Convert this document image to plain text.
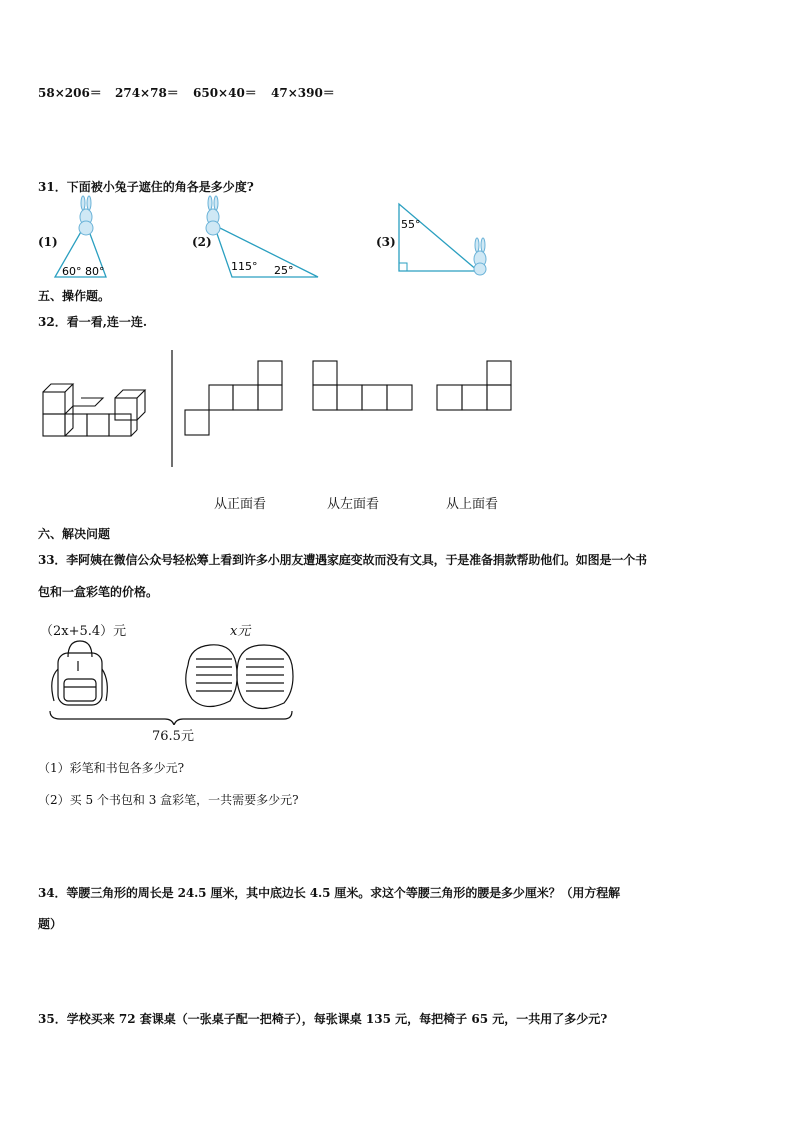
58×206＝ 274×78＝ 650×40＝ 47×390＝
31．下面被小兔子遮住的角各是多少度?
(1)	(2)	(3)
60° 80°	115° 25°
55°
五、操作题。
32．看一看,连一连.
从正面看	从左面看	从上面看
六、解决问题
33．李阿姨在微信公众号轻松筹上看到许多小朋友遭遇家庭变故而没有文具，于是准备捐款帮助他们。如图是一个书
包和一盒彩笔的价格。
（2x+5.4）元	x元
76.5元
（1）彩笔和书包各多少元?
（2）买 5 个书包和 3 盒彩笔，一共需要多少元?
34．等腰三角形的周长是 24.5 厘米，其中底边长 4.5 厘米。求这个等腰三角形的腰是多少厘米？（用方程解
题）
35．学校买来 72 套课桌（一张桌子配一把椅子），每张课桌 135 元，每把椅子 65 元，一共用了多少元?
